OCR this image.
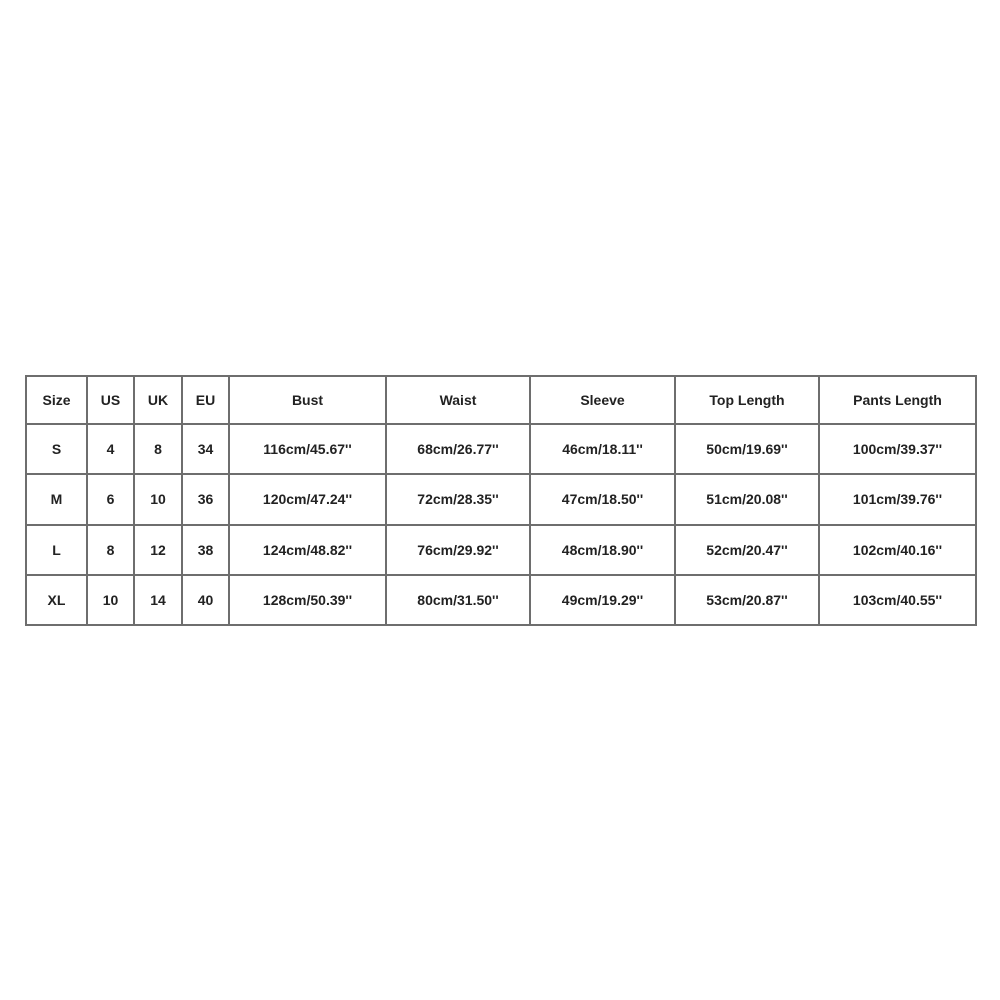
Size	US	UK	EU	Bust	Waist	Sleeve	Top Length	Pants Length
S	4	8	34	116cm/45.67''	68cm/26.77''	46cm/18.11''	50cm/19.69''	100cm/39.37''
M	6	10	36	120cm/47.24''	72cm/28.35''	47cm/18.50''	51cm/20.08''	101cm/39.76''
L	8	12	38	124cm/48.82''	76cm/29.92''	48cm/18.90''	52cm/20.47''	102cm/40.16''
XL	10	14	40	128cm/50.39''	80cm/31.50''	49cm/19.29''	53cm/20.87''	103cm/40.55''
